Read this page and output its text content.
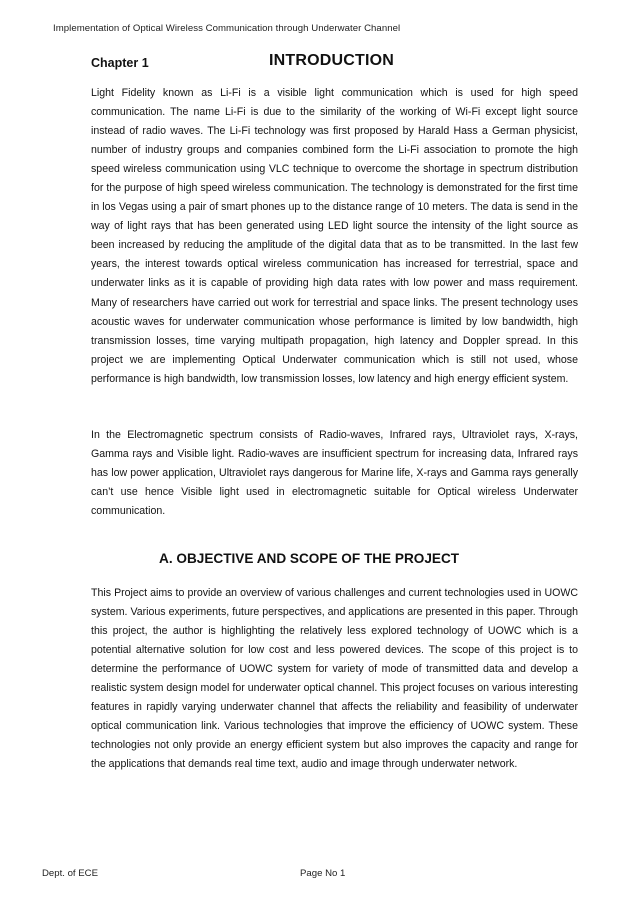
Implementation of Optical Wireless Communication through Underwater Channel
Chapter 1	INTRODUCTION

Light Fidelity known as Li-Fi is a visible light communication which is used for high speed communication. The name Li-Fi is due to the similarity of the working of Wi-Fi except light source instead of radio waves. The Li-Fi technology was first proposed by Harald Hass a German physicist, number of industry groups and companies combined form the Li-Fi association to promote the high speed wireless communication using VLC technique to overcome the shortage in spectrum distribution for the purpose of high speed wireless communication. The technology is demonstrated for the first time in los Vegas using a pair of smart phones up to the distance range of 10 meters. The data is send in the way of light rays that has been generated using LED light source the intensity of the light source as been increased by reducing the amplitude of the digital data that as to be transmitted. In the last few years, the interest towards optical wireless communication has increased for terrestrial, space and underwater links as it is capable of providing high data rates with low power and mass requirement. Many of researchers have carried out work for terrestrial and space links. The present technology uses acoustic waves for underwater communication whose performance is limited by low bandwidth, high transmission losses, time varying multipath propagation, high latency and Doppler spread. In this project we are implementing Optical Underwater communication which is still not used, whose performance is high bandwidth, low transmission losses, low latency and high energy efficient system.

In the Electromagnetic spectrum consists of Radio-waves, Infrared rays, Ultraviolet rays, X-rays, Gamma rays and Visible light. Radio-waves are insufficient spectrum for increasing data, Infrared rays has low power application, Ultraviolet rays dangerous for Marine life, X-rays and Gamma rays generally can’t use hence Visible light used in electromagnetic suitable for Optical wireless Underwater communication.

A. OBJECTIVE AND SCOPE OF THE PROJECT

This Project aims to provide an overview of various challenges and current technologies used in UOWC system. Various experiments, future perspectives, and applications are presented in this paper. Through this project, the author is highlighting the relatively less explored technology of UOWC which is a potential alternative solution for low cost and less powered devices. The scope of this project is to determine the performance of UOWC system for variety of mode of transmitted data and develop a realistic system design model for underwater optical channel. This project focuses on various interesting features in rapidly varying underwater channel that affects the reliability and feasibility of underwater optical communication link. Various technologies that improve the efficiency of UOWC system. These technologies not only provide an energy efficient system but also improves the capacity and range for the applications that demands real time text, audio and image through underwater network.

Dept. of ECE	Page No 1
